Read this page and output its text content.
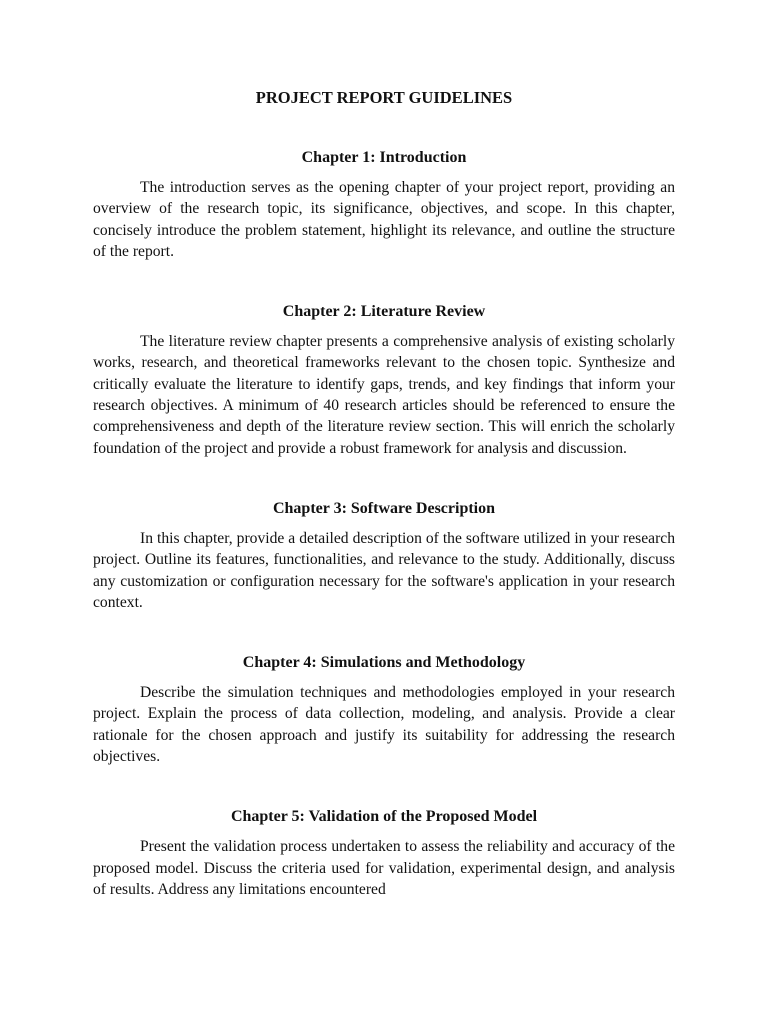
PROJECT REPORT GUIDELINES
Chapter 1: Introduction

The introduction serves as the opening chapter of your project report, providing an overview of the research topic, its significance, objectives, and scope. In this chapter, concisely introduce the problem statement, highlight its relevance, and outline the structure of the report.

Chapter 2: Literature Review

The literature review chapter presents a comprehensive analysis of existing scholarly works, research, and theoretical frameworks relevant to the chosen topic. Synthesize and critically evaluate the literature to identify gaps, trends, and key findings that inform your research objectives. A minimum of 40 research articles should be referenced to ensure the comprehensiveness and depth of the literature review section. This will enrich the scholarly foundation of the project and provide a robust framework for analysis and discussion.

Chapter 3: Software Description

In this chapter, provide a detailed description of the software utilized in your research project. Outline its features, functionalities, and relevance to the study. Additionally, discuss any customization or configuration necessary for the software's application in your research context.

Chapter 4: Simulations and Methodology

Describe the simulation techniques and methodologies employed in your research project. Explain the process of data collection, modeling, and analysis. Provide a clear rationale for the chosen approach and justify its suitability for addressing the research objectives.

Chapter 5: Validation of the Proposed Model

Present the validation process undertaken to assess the reliability and accuracy of the proposed model. Discuss the criteria used for validation, experimental design, and analysis of results. Address any limitations encountered
